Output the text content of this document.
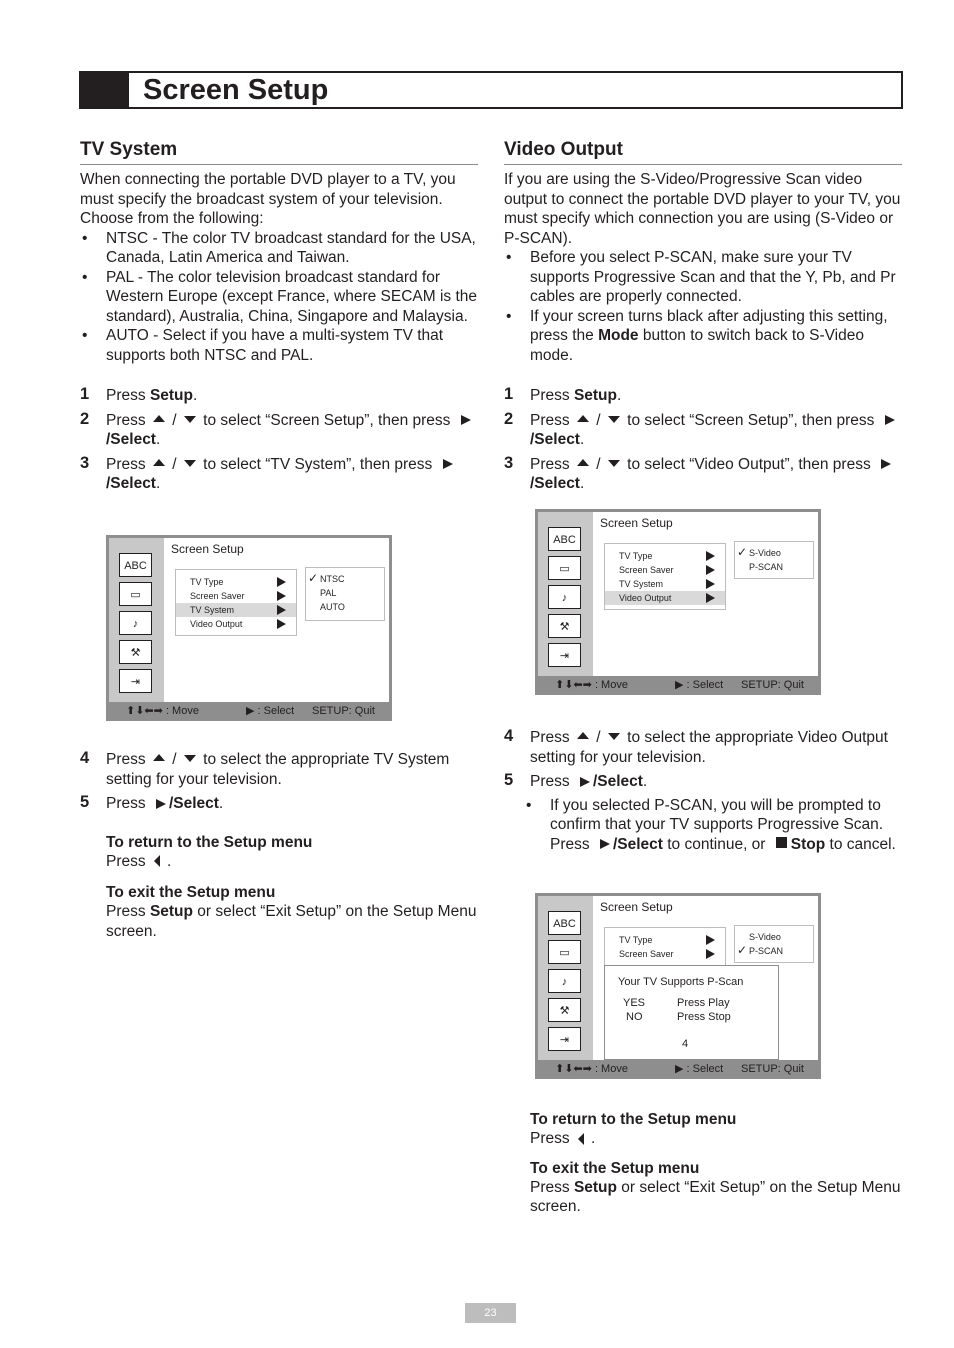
Screen Setup
TV System

When connecting the portable DVD player to a TV, you must specify the broadcast system of your television. Choose from the following:

• NTSC - The color TV broadcast standard for the USA, Canada, Latin America and Taiwan.
• PAL - The color television broadcast standard for Western Europe (except France, where SECAM is the standard), Australia, China, Singapore and Malaysia.
• AUTO - Select if you have a multi-system TV that supports both NTSC and PAL.
1 Press Setup.
2 Press  /  to select “Screen Setup”, then press /Select.
3 Press  /  to select “TV System”, then press /Select.
ABC
▭
♪
⚒
⇥
Screen Setup
TV Type
Screen Saver
TV System
Video Output
✓ NTSC
PAL
AUTO
⬆⬇⬅➡ : Move	▶ : Select SETUP: Quit
4 Press  /  to select the appropriate TV System setting for your television.
5 Press /Select.

To return to the Setup menu

Press .

To exit the Setup menu

Press Setup or select “Exit Setup” on the Setup Menu screen.

Video Output

If you are using the S-Video/Progressive Scan video output to connect the portable DVD player to your TV, you must specify which connection you are using (S-Video or P-SCAN).

• Before you select P-SCAN, make sure your TV supports Progressive Scan and that the Y, Pb, and Pr cables are properly connected.
• If your screen turns black after adjusting this setting, press the Mode button to switch back to S-Video mode.
1 Press Setup.
2 Press  /  to select “Screen Setup”, then press /Select.
3 Press  /  to select “Video Output”, then press /Select.
ABC
▭
♪
⚒
⇥
Screen Setup
TV Type
Screen Saver
TV System
Video Output
✓ S-Video
P-SCAN
⬆⬇⬅➡ : Move	▶ : Select SETUP: Quit
4 Press  /  to select the appropriate Video Output setting for your television.
5 Press /Select.
• If you selected P-SCAN, you will be prompted to confirm that your TV supports Progressive Scan. Press /Select to continue, or Stop to cancel.
ABC
▭
♪
⚒
⇥
Screen Setup
TV Type
Screen Saver
S-Video
✓ P-SCAN
Your TV Supports P-Scan
YES	Press Play
NO	Press Stop
4
⬆⬇⬅➡ : Move	▶ : Select SETUP: Quit

To return to the Setup menu

Press .

To exit the Setup menu

Press Setup or select “Exit Setup” on the Setup Menu screen.

23
